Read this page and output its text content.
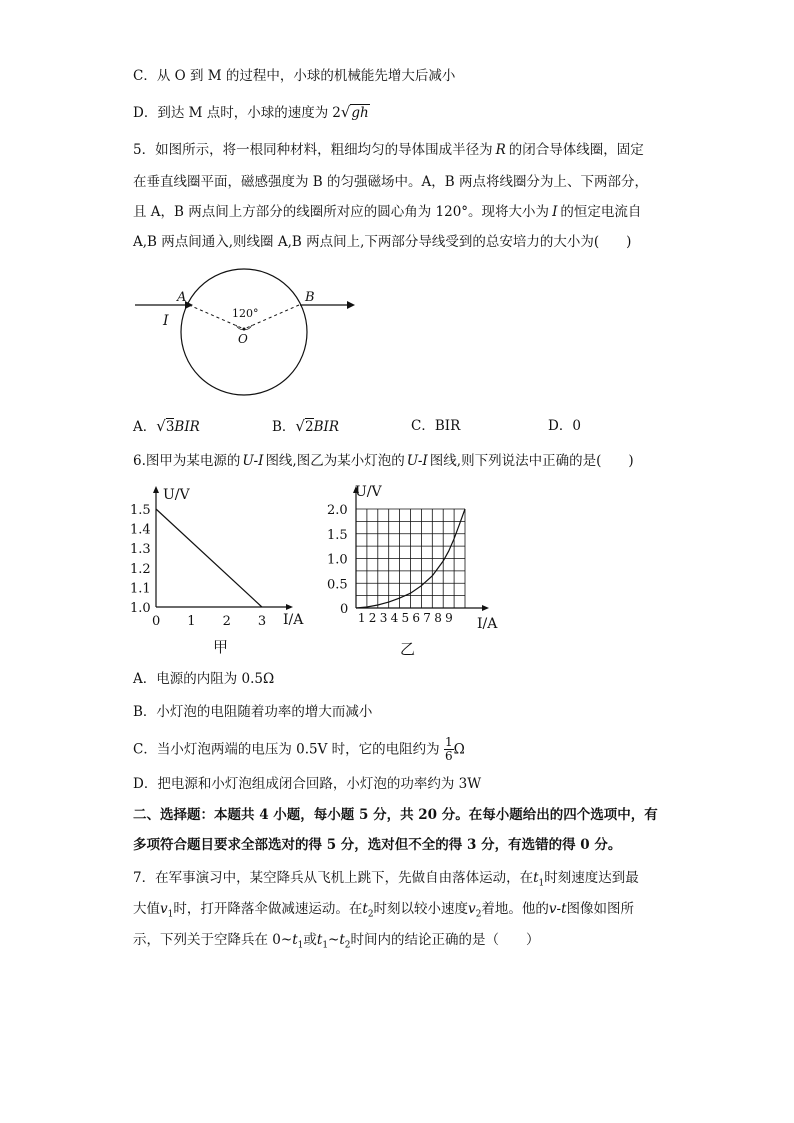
C．从 O 到 M 的过程中，小球的机械能先增大后减小
D．到达 M 点时，小球的速度为 2√gh
5．如图所示，将一根同种材料，粗细均匀的导体围成半径为 R 的闭合导体线圈，固定
在垂直线圈平面，磁感强度为 B 的匀强磁场中。A，B 两点将线圈分为上、下两部分，
且 A，B 两点间上方部分的线圈所对应的圆心角为 120°。现将大小为 I 的恒定电流自
A,B 两点间通入,则线圈 A,B 两点间上,下两部分导线受到的总安培力的大小为(　　)
A	B
I
O
120°
A．√3BIR	B．√2BIR	C．BIR	D．0
6.图甲为某电源的 U-I 图线,图乙为某小灯泡的 U-I 图线,则下列说法中正确的是(　　)
U/V
I/A
1.0
1.1
1.2
1.3
1.4
1.5
0 1 2 3
甲
U/V
I/A
0.5
1.0
1.5
2.0
0
1 2 3 4 5 6 7 8 9
乙
A．电源的内阻为 0.5Ω
B．小灯泡的电阻随着功率的增大而减小
C．当小灯泡两端的电压为 0.5V 时，它的电阻约为 $\frac{1}{6}$ Ω
D．把电源和小灯泡组成闭合回路，小灯泡的功率约为 3W
二、选择题：本题共 4 小题，每小题 5 分，共 20 分。在每小题给出的四个选项中，有
多项符合题目要求全部选对的得 5 分，选对但不全的得 3 分，有选错的得 0 分。
7．在军事演习中，某空降兵从飞机上跳下，先做自由落体运动，在$t_1$时刻速度达到最
大值$v_1$时，打开降落伞做减速运动。在$t_2$时刻以较小速度$v_2$着地。他的v-t图像如图所
示，下列关于空降兵在 $0\sim t_1$或$t_1\sim t_2$时间内的结论正确的是（　　）
